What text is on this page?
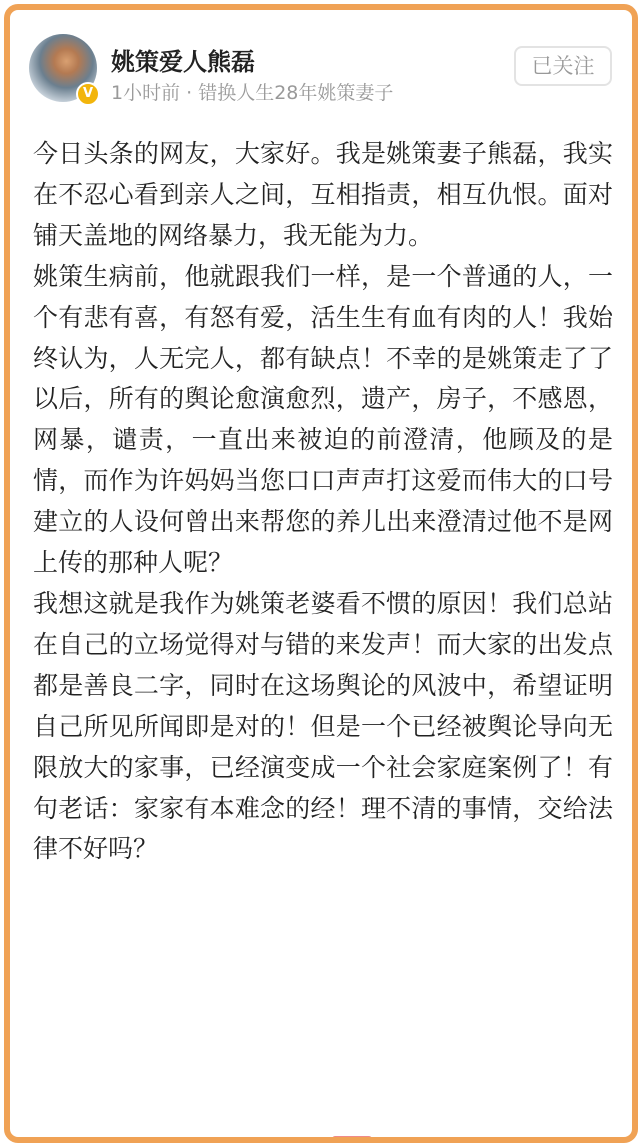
V
姚策爱人熊磊
1小时前 · 错换人生28年姚策妻子
已关注

今日头条的网友，大家好。我是姚策妻子熊磊，我实在不忍心看到亲人之间，互相指责，相互仇恨。面对铺天盖地的网络暴力，我无能为力。

姚策生病前，他就跟我们一样，是一个普通的人，一个有悲有喜，有怒有爱，活生生有血有肉的人！我始终认为，人无完人，都有缺点！不幸的是姚策走了了以后，所有的舆论愈演愈烈，遗产，房子，不感恩，网暴，谴责，一直出来被迫的前澄清，他顾及的是情，而作为许妈妈当您口口声声打这爱而伟大的口号建立的人设何曾出来帮您的养儿出来澄清过他不是网上传的那种人呢？

我想这就是我作为姚策老婆看不惯的原因！我们总站在自己的立场觉得对与错的来发声！而大家的出发点都是善良二字，同时在这场舆论的风波中，希望证明自己所见所闻即是对的！但是一个已经被舆论导向无限放大的家事，已经演变成一个社会家庭案例了！有句老话：家家有本难念的经！理不清的事情，交给法律不好吗？
